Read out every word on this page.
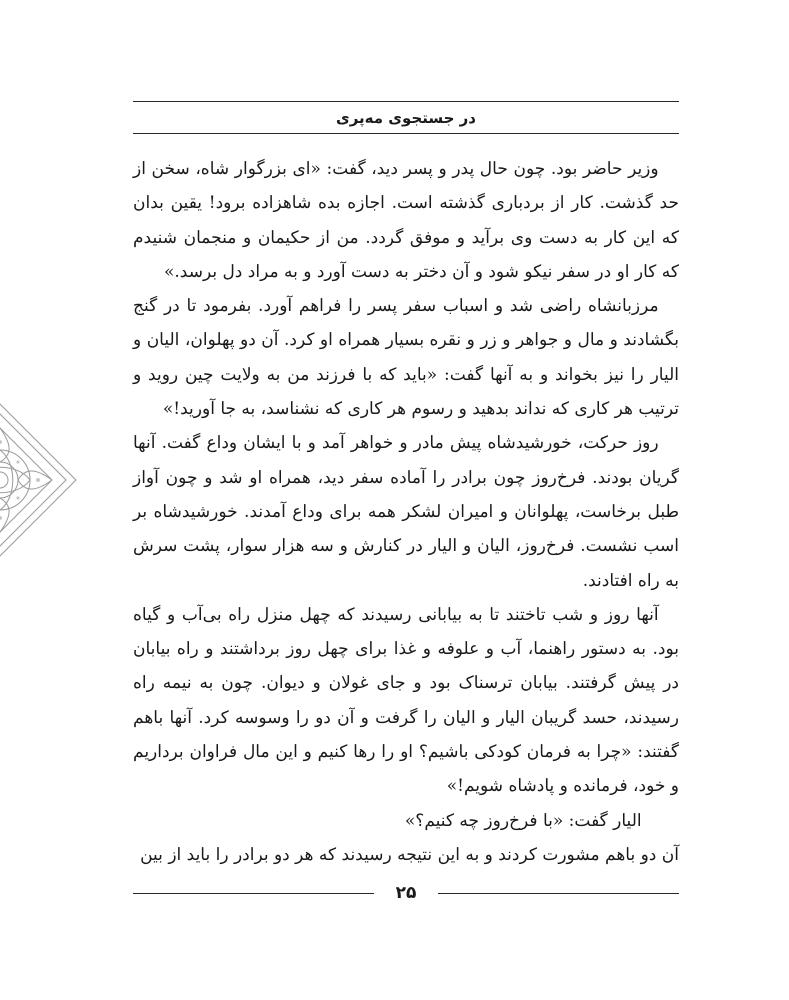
در جستجوی مه‌پری

وزیر حاضر بود. چون حال پدر و پسر دید، گفت: «ای بزرگوار شاه، سخن از حد گذشت. کار از بردباری گذشته است. اجازه بده شاهزاده برود! یقین بدان که این کار به دست وی برآید و موفق گردد. من از حکیمان و منجمان شنیدم که کار او در سفر نیکو شود و آن دختر به دست آورد و به مراد دل برسد.»

مرزبانشاه راضی شد و اسباب سفر پسر را فراهم آورد. بفرمود تا در گنج بگشادند و مال و جواهر و زر و نقره بسیار همراه او کرد. آن دو پهلوان، الیان و الیار را نیز بخواند و به آنها گفت: «باید که با فرزند من به ولایت چین روید و ترتیب هر کاری که نداند بدهید و رسوم هر کاری که نشناسد، به جا آورید!»

روز حرکت، خورشیدشاه پیش مادر و خواهر آمد و با ایشان وداع گفت. آنها گریان بودند. فرخ‌روز چون برادر را آماده سفر دید، همراه او شد و چون آواز طبل برخاست، پهلوانان و امیران لشکر همه برای وداع آمدند. خورشیدشاه بر اسب نشست. فرخ‌روز، الیان و الیار در کنارش و سه هزار سوار، پشت سرش به راه افتادند.

آنها روز و شب تاختند تا به بیابانی رسیدند که چهل منزل راه بی‌آب و گیاه بود. به دستور راهنما، آب و علوفه و غذا برای چهل روز برداشتند و راه بیابان در پیش گرفتند. بیابان ترسناک بود و جای غولان و دیوان. چون به نیمه راه رسیدند، حسد گریبان الیار و الیان را گرفت و آن دو را وسوسه کرد. آنها باهم گفتند: «چرا به فرمان کودکی باشیم؟ او را رها کنیم و این مال فراوان برداریم و خود، فرمانده و پادشاه شویم!»

الیار گفت: «با فرخ‌روز چه کنیم؟»

آن دو باهم مشورت کردند و به این نتیجه رسیدند که هر دو برادر را باید از بین

۲۵
